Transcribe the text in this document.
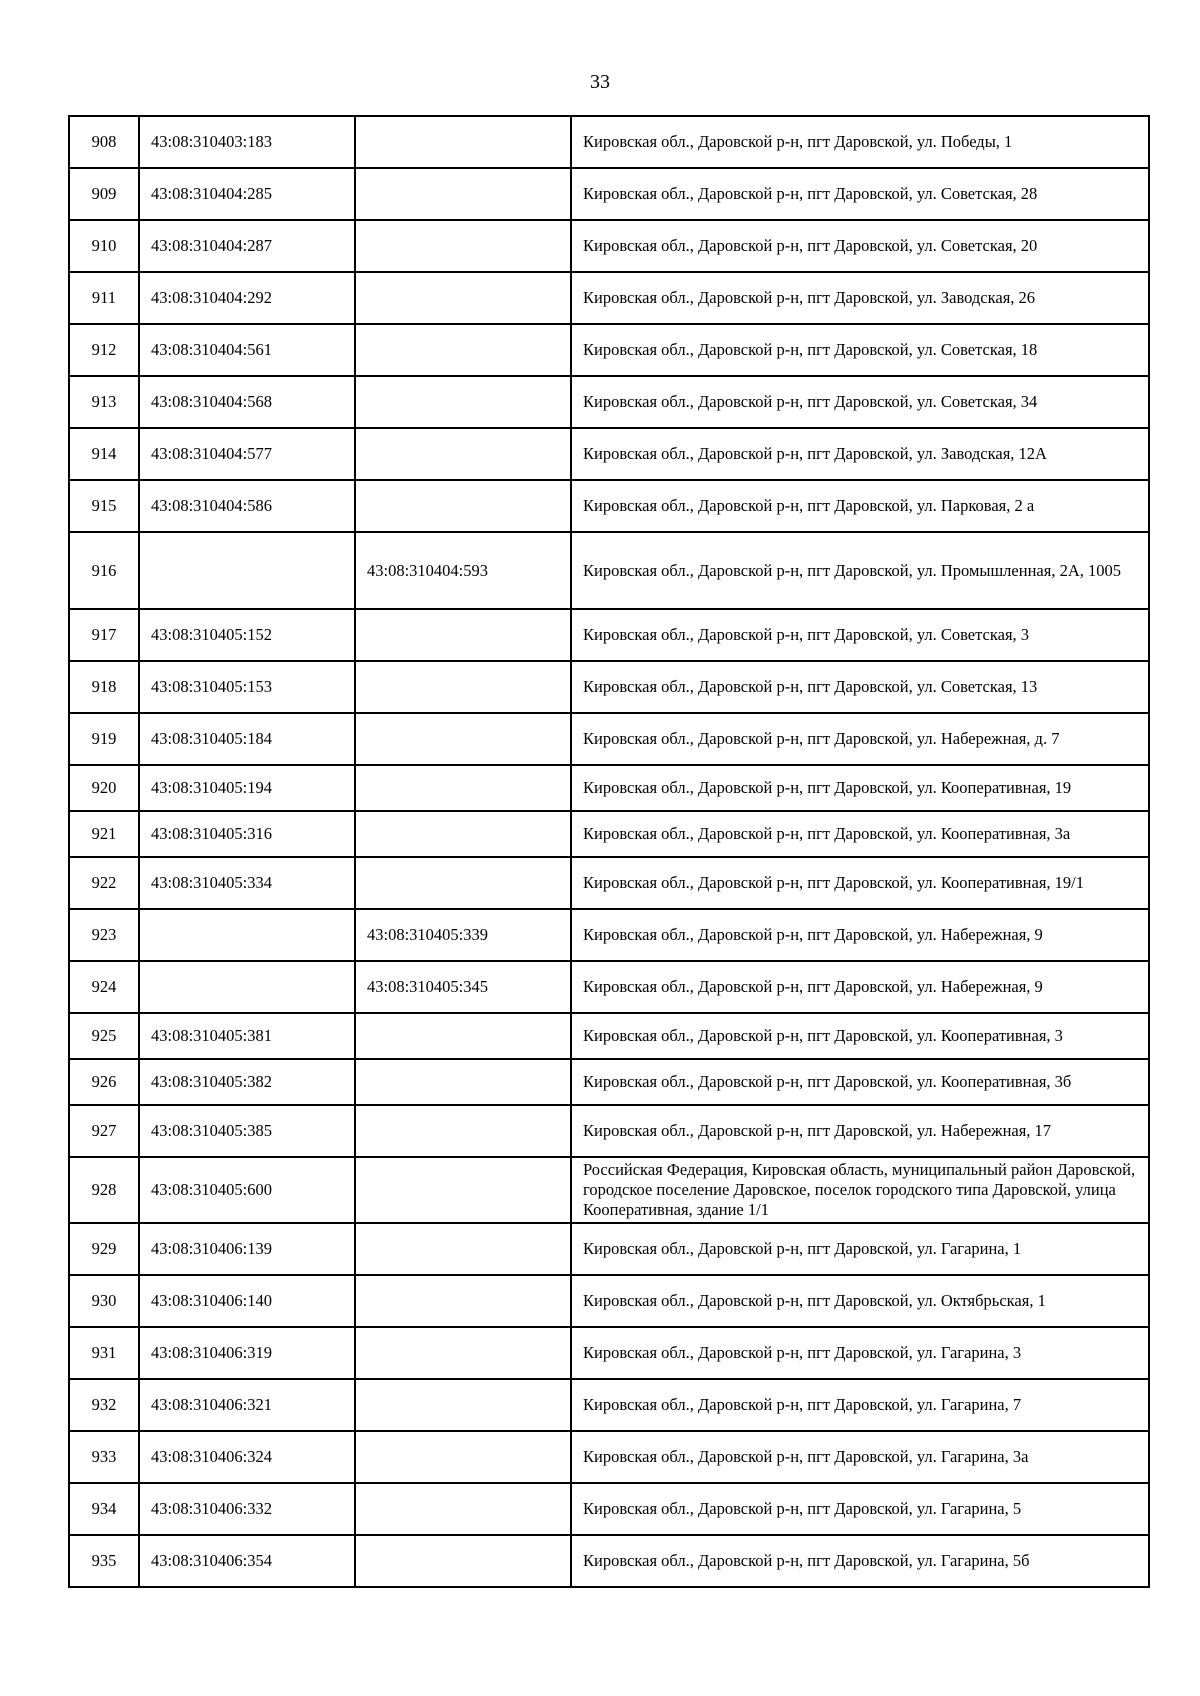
33
908	43:08:310403:183		Кировская обл., Даровской р-н, пгт Даровской, ул. Победы, 1
909	43:08:310404:285		Кировская обл., Даровской р-н, пгт Даровской, ул. Советская, 28
910	43:08:310404:287		Кировская обл., Даровской р-н, пгт Даровской, ул. Советская, 20
911	43:08:310404:292		Кировская обл., Даровской р-н, пгт Даровской, ул. Заводская, 26
912	43:08:310404:561		Кировская обл., Даровской р-н, пгт Даровской, ул. Советская, 18
913	43:08:310404:568		Кировская обл., Даровской р-н, пгт Даровской, ул. Советская, 34
914	43:08:310404:577		Кировская обл., Даровской р-н, пгт Даровской, ул. Заводская, 12А
915	43:08:310404:586		Кировская обл., Даровской р-н, пгт Даровской, ул. Парковая, 2 а
916		43:08:310404:593	Кировская обл., Даровской р-н, пгт Даровской, ул. Промышленная, 2А, 1005
917	43:08:310405:152		Кировская обл., Даровской р-н, пгт Даровской, ул. Советская, 3
918	43:08:310405:153		Кировская обл., Даровской р-н, пгт Даровской, ул. Советская, 13
919	43:08:310405:184		Кировская обл., Даровской р-н, пгт Даровской, ул. Набережная, д. 7
920	43:08:310405:194		Кировская обл., Даровской р-н, пгт Даровской, ул. Кооперативная, 19
921	43:08:310405:316		Кировская обл., Даровской р-н, пгт Даровской, ул. Кооперативная, 3а
922	43:08:310405:334		Кировская обл., Даровской р-н, пгт Даровской, ул. Кооперативная, 19/1
923		43:08:310405:339	Кировская обл., Даровской р-н, пгт Даровской, ул. Набережная, 9
924		43:08:310405:345	Кировская обл., Даровской р-н, пгт Даровской, ул. Набережная, 9
925	43:08:310405:381		Кировская обл., Даровской р-н, пгт Даровской, ул. Кооперативная, 3
926	43:08:310405:382		Кировская обл., Даровской р-н, пгт Даровской, ул. Кооперативная, 3б
927	43:08:310405:385		Кировская обл., Даровской р-н, пгт Даровской, ул. Набережная, 17
928	43:08:310405:600		Российская Федерация, Кировская область, муниципальный район Даровской, городское поселение Даровское, поселок городского типа Даровской, улица Кооперативная, здание 1/1
929	43:08:310406:139		Кировская обл., Даровской р-н, пгт Даровской, ул. Гагарина, 1
930	43:08:310406:140		Кировская обл., Даровской р-н, пгт Даровской, ул. Октябрьская, 1
931	43:08:310406:319		Кировская обл., Даровской р-н, пгт Даровской, ул. Гагарина, 3
932	43:08:310406:321		Кировская обл., Даровской р-н, пгт Даровской, ул. Гагарина, 7
933	43:08:310406:324		Кировская обл., Даровской р-н, пгт Даровской, ул. Гагарина, 3а
934	43:08:310406:332		Кировская обл., Даровской р-н, пгт Даровской, ул. Гагарина, 5
935	43:08:310406:354		Кировская обл., Даровской р-н, пгт Даровской, ул. Гагарина, 5б
